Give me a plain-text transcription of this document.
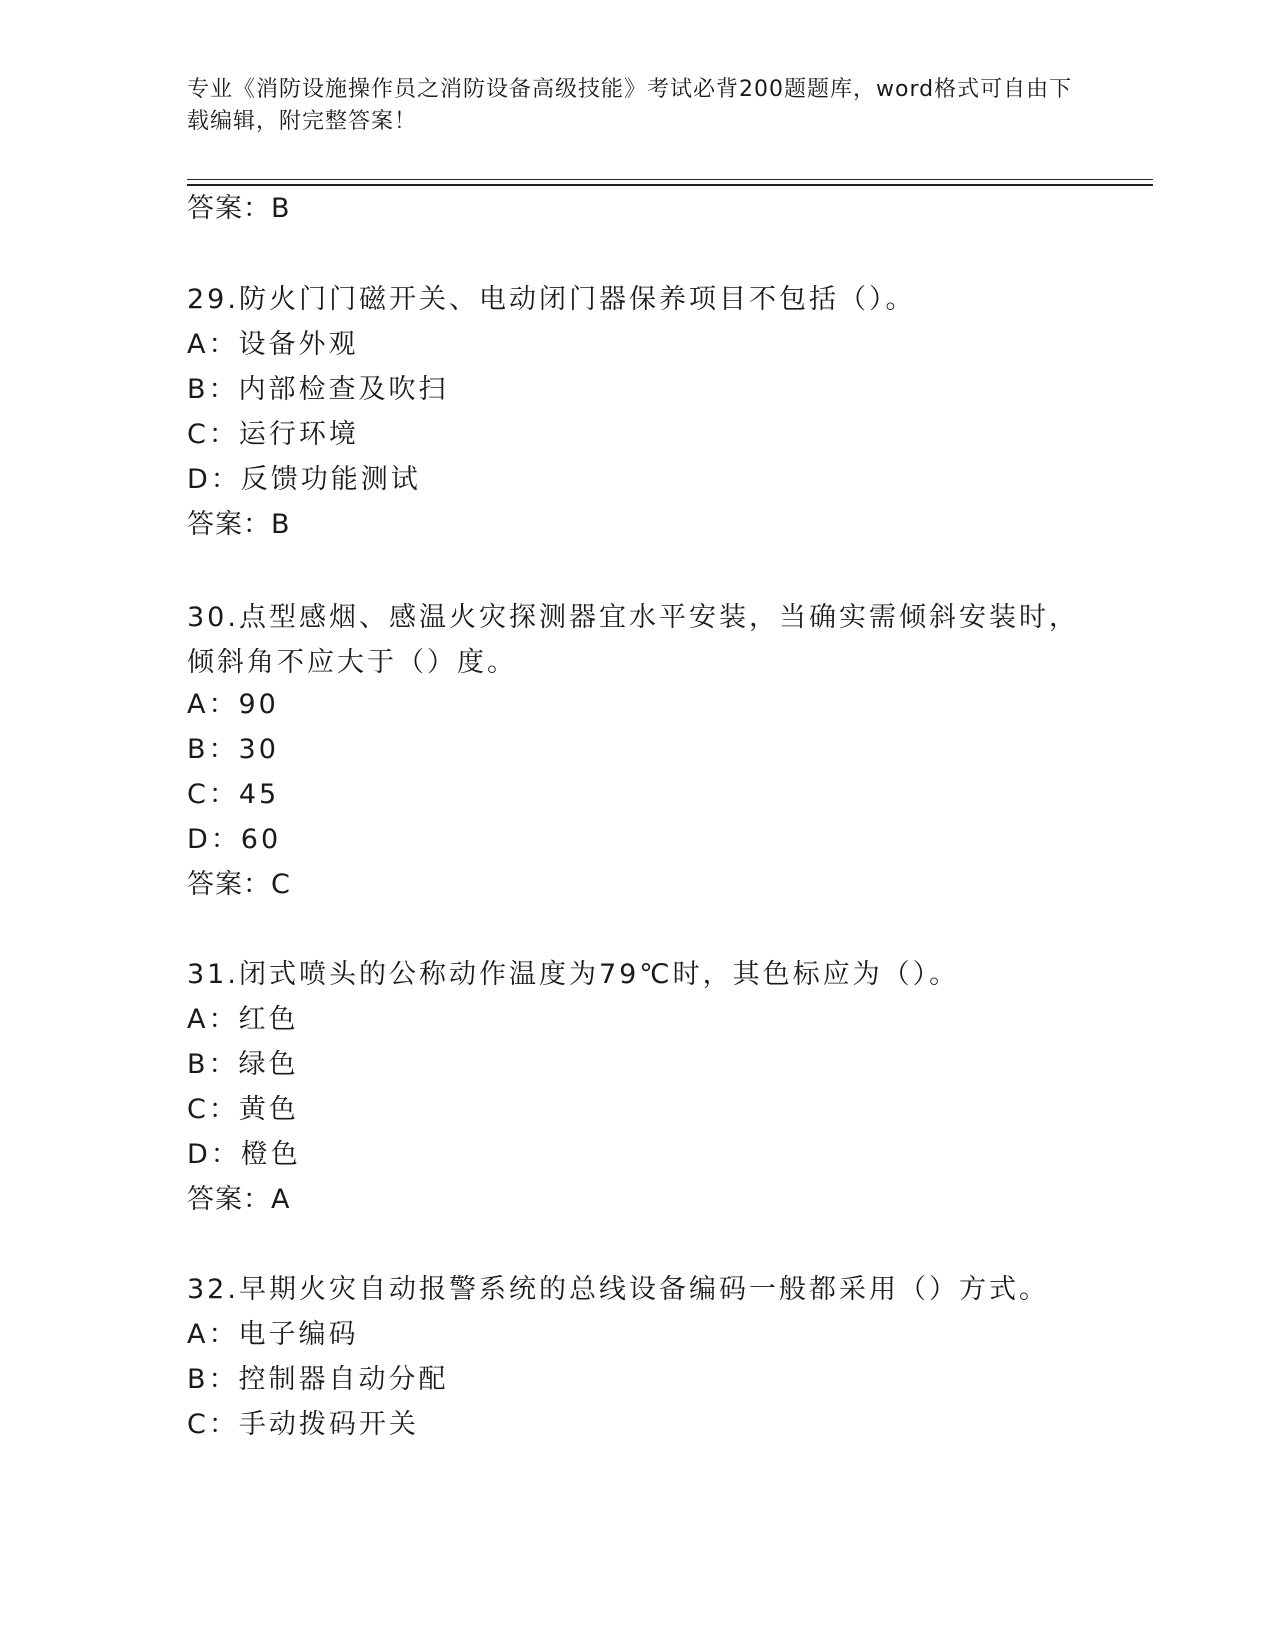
专业《消防设施操作员之消防设备高级技能》考试必背200题题库，word格式可自由下载编辑，附完整答案！
答案：B
29.防火门门磁开关、电动闭门器保养项目不包括（）。
A：设备外观
B：内部检查及吹扫
C：运行环境
D：反馈功能测试
答案：B
30.点型感烟、感温火灾探测器宜水平安装，当确实需倾斜安装时，倾斜角不应大于（）度。
A：90
B：30
C：45
D：60
答案：C
31.闭式喷头的公称动作温度为79℃时，其色标应为（）。
A：红色
B：绿色
C：黄色
D：橙色
答案：A
32.早期火灾自动报警系统的总线设备编码一般都采用（）方式。
A：电子编码
B：控制器自动分配
C：手动拨码开关
